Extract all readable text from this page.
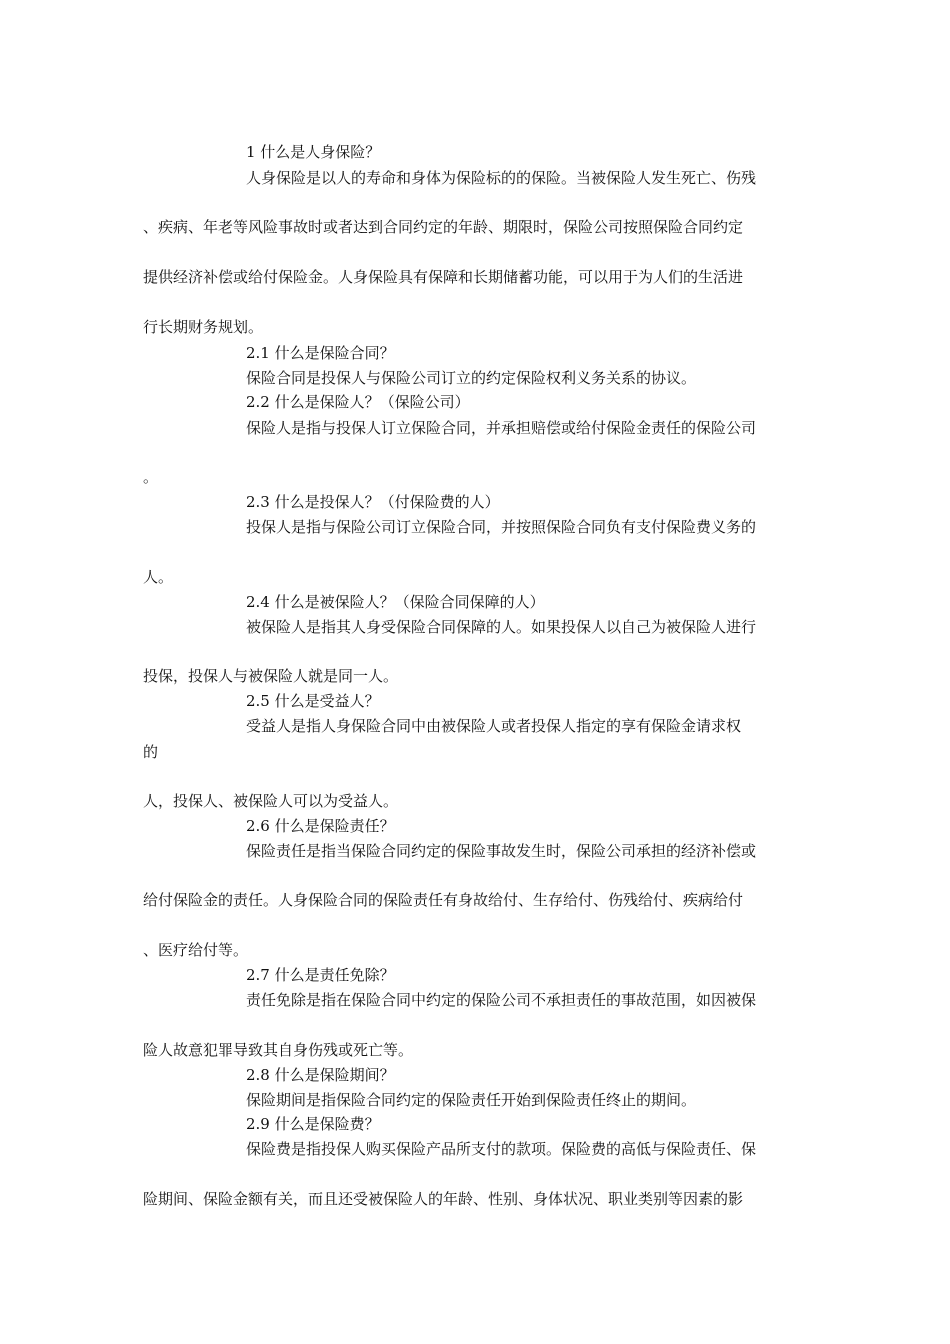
1 什么是人身保险？
人身保险是以人的寿命和身体为保险标的的保险。当被保险人发生死亡、伤残
、疾病、年老等风险事故时或者达到合同约定的年龄、期限时，保险公司按照保险合同约定
提供经济补偿或给付保险金。人身保险具有保障和长期储蓄功能，可以用于为人们的生活进
行长期财务规划。
2.1 什么是保险合同？
保险合同是投保人与保险公司订立的约定保险权利义务关系的协议。
2.2 什么是保险人？（保险公司）
保险人是指与投保人订立保险合同，并承担赔偿或给付保险金责任的保险公司
。
2.3 什么是投保人？（付保险费的人）
投保人是指与保险公司订立保险合同，并按照保险合同负有支付保险费义务的
人。
2.4 什么是被保险人？（保险合同保障的人）
被保险人是指其人身受保险合同保障的人。如果投保人以自己为被保险人进行
投保，投保人与被保险人就是同一人。
2.5 什么是受益人？
受益人是指人身保险合同中由被保险人或者投保人指定的享有保险金请求权
的
人，投保人、被保险人可以为受益人。
2.6 什么是保险责任？
保险责任是指当保险合同约定的保险事故发生时，保险公司承担的经济补偿或
给付保险金的责任。人身保险合同的保险责任有身故给付、生存给付、伤残给付、疾病给付
、医疗给付等。
2.7 什么是责任免除？
责任免除是指在保险合同中约定的保险公司不承担责任的事故范围，如因被保
险人故意犯罪导致其自身伤残或死亡等。
2.8 什么是保险期间？
保险期间是指保险合同约定的保险责任开始到保险责任终止的期间。
2.9 什么是保险费？
保险费是指投保人购买保险产品所支付的款项。保险费的高低与保险责任、保
险期间、保险金额有关，而且还受被保险人的年龄、性别、身体状况、职业类别等因素的影
